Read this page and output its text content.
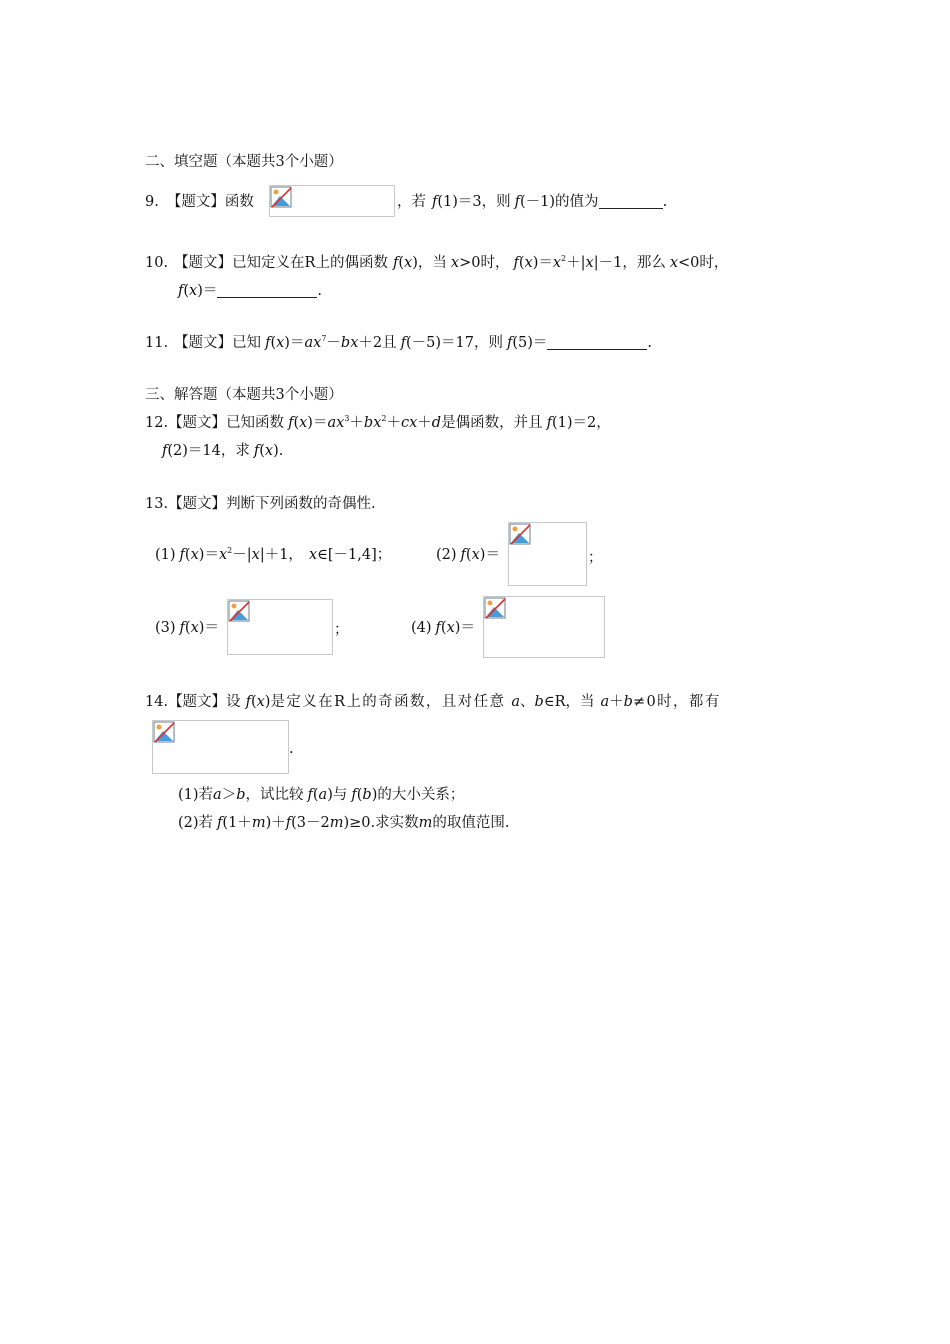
二、填空题（本题共3个小题）
9. 【题文】函数	，若 f(1)＝3，则 f(－1)的值为	.
10. 【题文】已知定义在R上的偶函数 f(x)，当 x>0时， $f(x)=x^2+|x|-1$，那么 x<0时，
f(x)＝	.
11. 【题文】已知 $f(x)=ax^7-bx+2$且 f(－5)＝17，则 f(5)＝	.
三、解答题（本题共3个小题）
12.【题文】已知函数 $f(x)=ax^3+bx^2+cx+d$是偶函数，并且 f(1)＝2，
f(2)＝14，求 f(x).
13.【题文】判断下列函数的奇偶性.
(1) $f(x)=x^2-|x|+1$， x∈[－1,4]；	(2) f(x)＝	；
(3) f(x)＝	；	(4) f(x)＝
14.【题文】设 f(x)是定义在R上的奇函数，且对任意 a、b∈R，当 a＋b≠0时，都有
.
(1)若a＞b，试比较 f(a)与 f(b)的大小关系；
(2)若 f(1＋m)＋f(3－2m)≥0.求实数m的取值范围.
